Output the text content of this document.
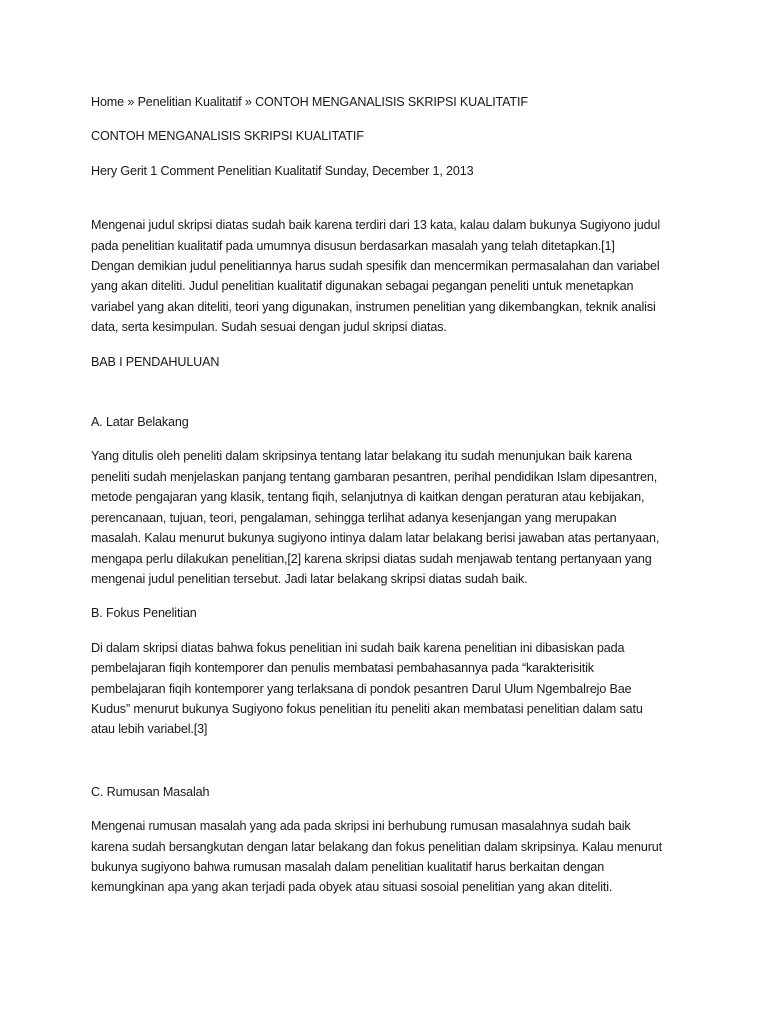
Home » Penelitian Kualitatif » CONTOH MENGANALISIS SKRIPSI KUALITATIF

CONTOH MENGANALISIS SKRIPSI KUALITATIF

Hery Gerit 1 Comment Penelitian Kualitatif Sunday, December 1, 2013

Mengenai judul skripsi diatas sudah baik karena terdiri dari 13 kata, kalau dalam bukunya Sugiyono judul
pada penelitian kualitatif pada umumnya disusun berdasarkan masalah yang telah ditetapkan.[1]
Dengan demikian judul penelitiannya harus sudah spesifik dan mencermikan permasalahan dan variabel
yang akan diteliti. Judul penelitian kualitatif digunakan sebagai pegangan peneliti untuk menetapkan
variabel yang akan diteliti, teori yang digunakan, instrumen penelitian yang dikembangkan, teknik analisi
data, serta kesimpulan. Sudah sesuai dengan judul skripsi diatas.

BAB I PENDAHULUAN

A. Latar Belakang

Yang ditulis oleh peneliti dalam skripsinya tentang latar belakang itu sudah menunjukan baik karena
peneliti sudah menjelaskan panjang tentang gambaran pesantren, perihal pendidikan Islam dipesantren,
metode pengajaran yang klasik, tentang fiqih, selanjutnya di kaitkan dengan peraturan atau kebijakan,
perencanaan, tujuan, teori, pengalaman, sehingga terlihat adanya kesenjangan yang merupakan
masalah. Kalau menurut bukunya sugiyono intinya dalam latar belakang berisi jawaban atas pertanyaan,
mengapa perlu dilakukan penelitian,[2] karena skripsi diatas sudah menjawab tentang pertanyaan yang
mengenai judul penelitian tersebut. Jadi latar belakang skripsi diatas sudah baik.

B. Fokus Penelitian

Di dalam skripsi diatas bahwa fokus penelitian ini sudah baik karena penelitian ini dibasiskan pada
pembelajaran fiqih kontemporer dan penulis membatasi pembahasannya pada “karakterisitik
pembelajaran fiqih kontemporer yang terlaksana di pondok pesantren Darul Ulum Ngembalrejo Bae
Kudus” menurut bukunya Sugiyono fokus penelitian itu peneliti akan membatasi penelitian dalam satu
atau lebih variabel.[3]

C. Rumusan Masalah

Mengenai rumusan masalah yang ada pada skripsi ini berhubung rumusan masalahnya sudah baik
karena sudah bersangkutan dengan latar belakang dan fokus penelitian dalam skripsinya. Kalau menurut
bukunya sugiyono bahwa rumusan masalah dalam penelitian kualitatif harus berkaitan dengan
kemungkinan apa yang akan terjadi pada obyek atau situasi sosoial penelitian yang akan diteliti.
